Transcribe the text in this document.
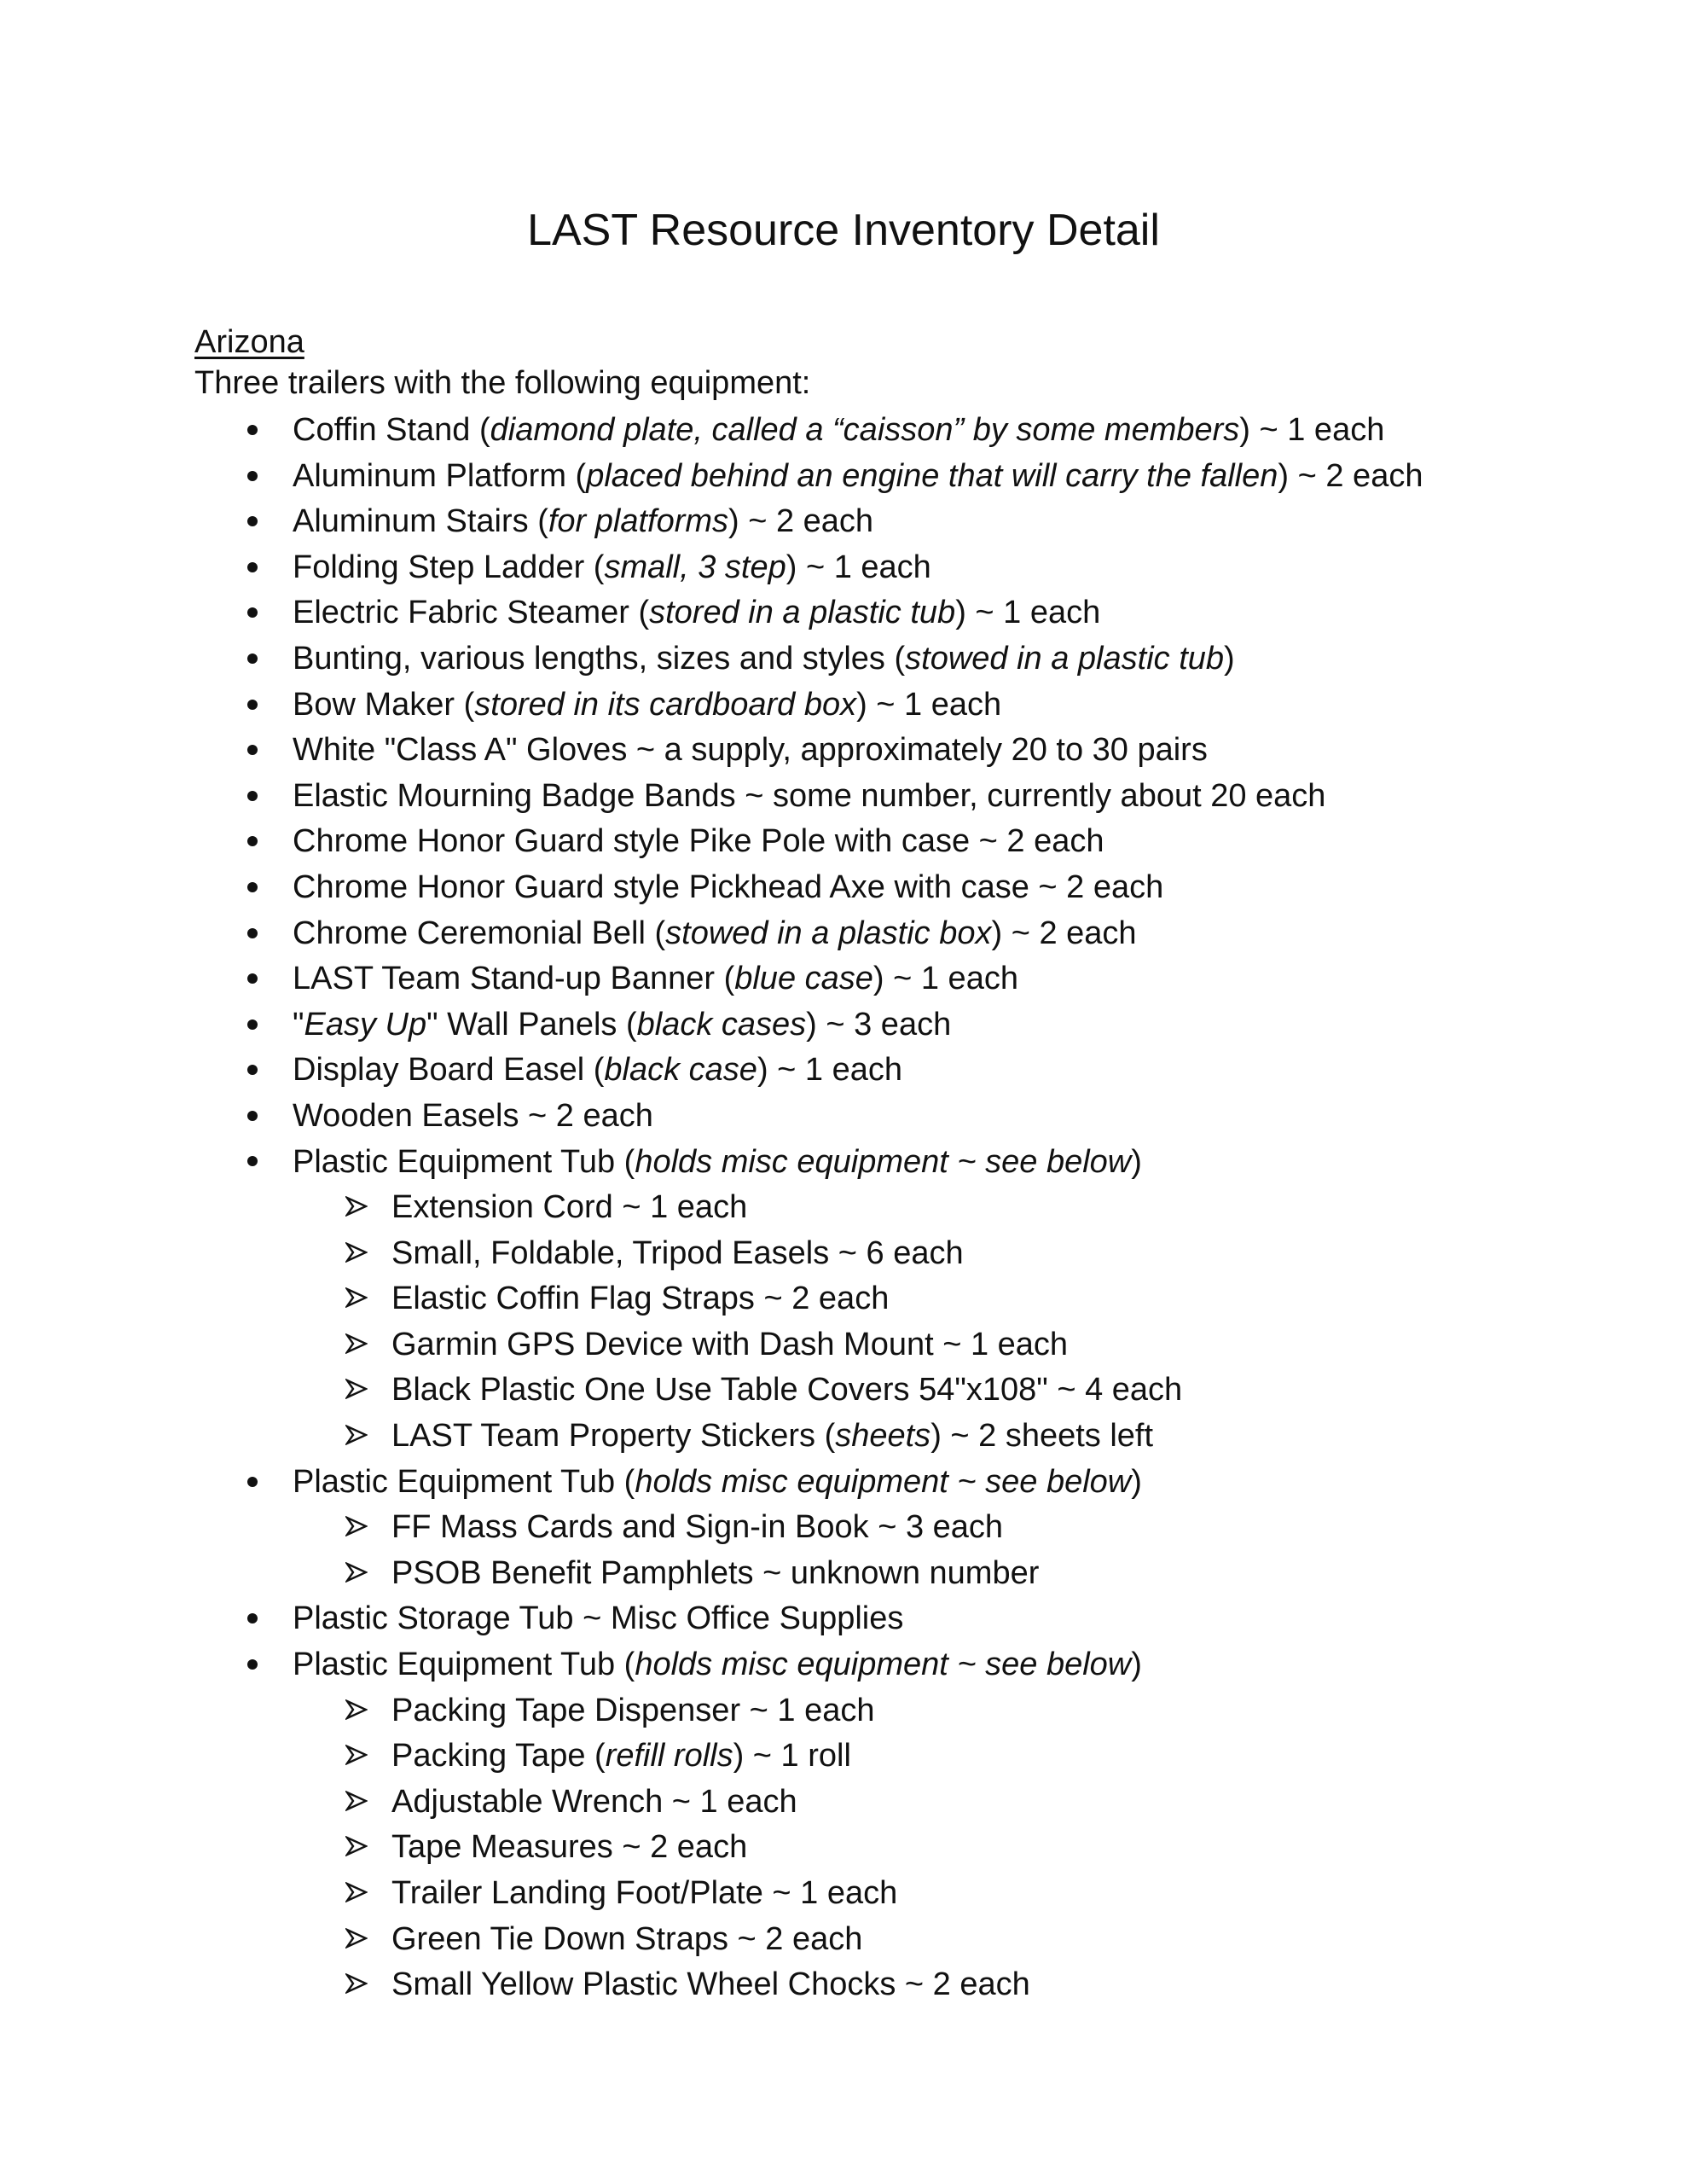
LAST Resource Inventory Detail
Arizona
Three trailers with the following equipment:
Coffin Stand (diamond plate, called a “caisson” by some members) ~ 1 each
Aluminum Platform (placed behind an engine that will carry the fallen) ~ 2 each
Aluminum Stairs (for platforms) ~ 2 each
Folding Step Ladder (small, 3 step) ~ 1 each
Electric Fabric Steamer (stored in a plastic tub) ~ 1 each
Bunting, various lengths, sizes and styles (stowed in a plastic tub)
Bow Maker (stored in its cardboard box) ~ 1 each
White "Class A" Gloves ~ a supply, approximately 20 to 30 pairs
Elastic Mourning Badge Bands ~ some number, currently about 20 each
Chrome Honor Guard style Pike Pole with case ~ 2 each
Chrome Honor Guard style Pickhead Axe with case ~ 2 each
Chrome Ceremonial Bell (stowed in a plastic box) ~ 2 each
LAST Team Stand-up Banner (blue case) ~ 1 each
"Easy Up" Wall Panels (black cases) ~ 3 each
Display Board Easel (black case) ~ 1 each
Wooden Easels ~ 2 each
Plastic Equipment Tub (holds misc equipment ~ see below)
Extension Cord ~ 1 each
Small, Foldable, Tripod Easels ~ 6 each
Elastic Coffin Flag Straps ~ 2 each
Garmin GPS Device with Dash Mount ~ 1 each
Black Plastic One Use Table Covers 54"x108" ~ 4 each
LAST Team Property Stickers (sheets) ~ 2 sheets left
Plastic Equipment Tub (holds misc equipment ~ see below)
FF Mass Cards and Sign-in Book ~ 3 each
PSOB Benefit Pamphlets ~ unknown number
Plastic Storage Tub ~ Misc Office Supplies
Plastic Equipment Tub (holds misc equipment ~ see below)
Packing Tape Dispenser ~ 1 each
Packing Tape (refill rolls) ~ 1 roll
Adjustable Wrench ~ 1 each
Tape Measures ~ 2 each
Trailer Landing Foot/Plate ~ 1 each
Green Tie Down Straps ~ 2 each
Small Yellow Plastic Wheel Chocks ~ 2 each
